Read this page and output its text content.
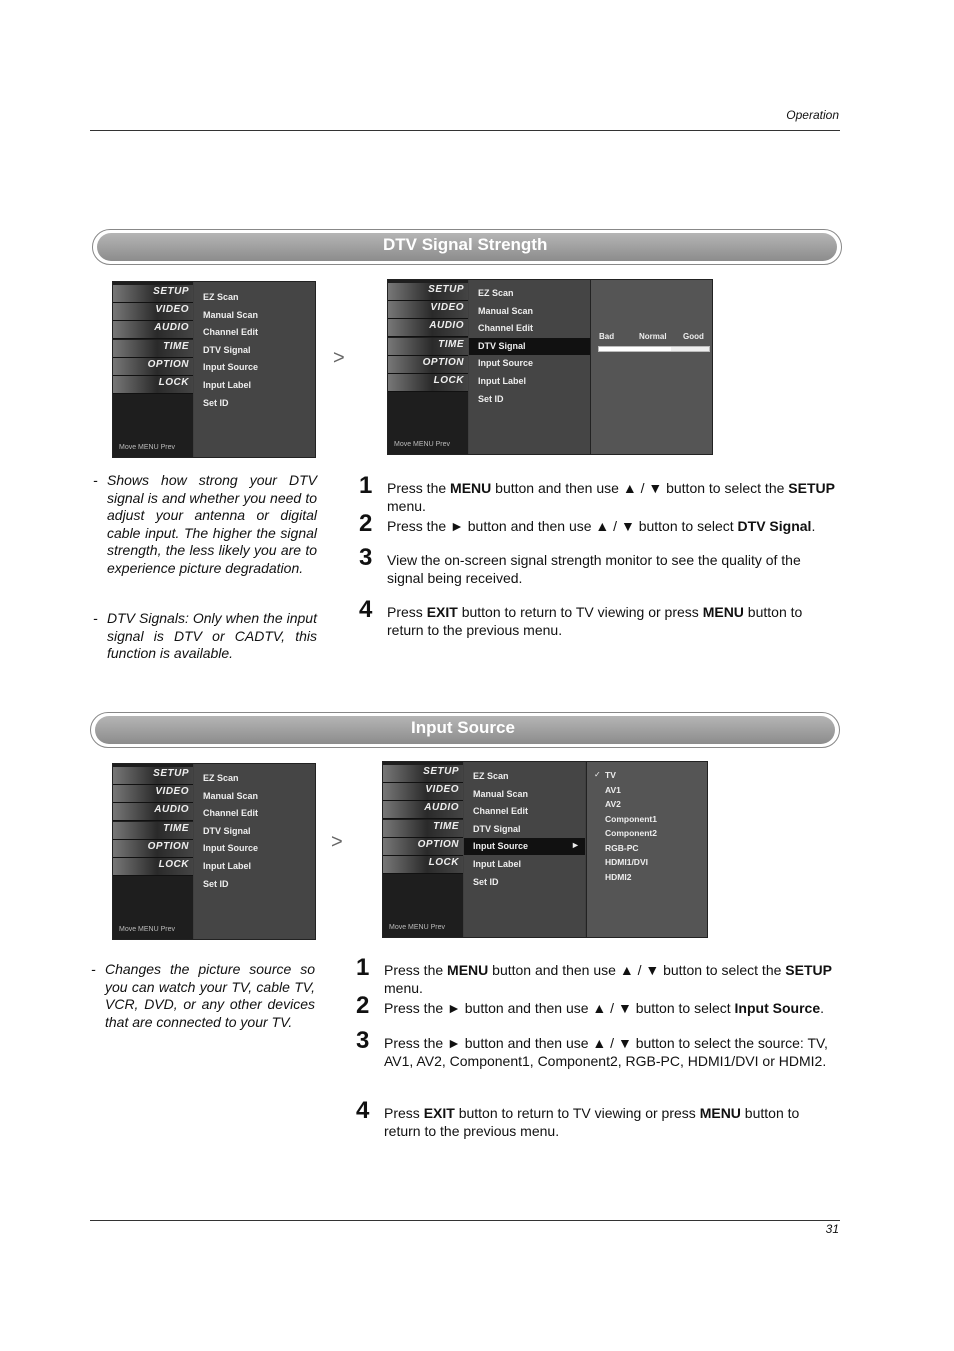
Operation
DTV Signal Strength
SETUP
VIDEO
AUDIO
TIME
OPTION
LOCK
Move MENU Prev
EZ Scan
Manual Scan
Channel Edit
DTV Signal
Input Source
Input Label
Set ID
>
SETUP
VIDEO
AUDIO
TIME
OPTION
LOCK
Move MENU Prev
EZ Scan
Manual Scan
Channel Edit
DTV Signal
Input Source
Input Label
Set ID
Bad	Normal Good
- Shows how strong your DTV signal is and whether you need to adjust your antenna or digital cable input. The higher the signal strength, the less likely you are to experience picture degradation.
- DTV Signals: Only when the input signal is DTV or CADTV, this function is available.
1 Press the MENU button and then use ▲ / ▼ button to select the SETUP menu.
2 Press the ► button and then use ▲ / ▼ button to select DTV Signal.
3 View the on-screen signal strength monitor to see the quality of the signal being received.
4 Press EXIT button to return to TV viewing or press MENU button to return to the previous menu.
Input Source
SETUP
VIDEO
AUDIO
TIME
OPTION
LOCK
Move MENU Prev
EZ Scan
Manual Scan
Channel Edit
DTV Signal
Input Source
Input Label
Set ID
>
SETUP
VIDEO
AUDIO
TIME
OPTION
LOCK
Move MENU Prev
EZ Scan
Manual Scan
Channel Edit
DTV Signal
Input Source
Input Label
Set ID
►
TV
AV1
AV2
Component1
Component2
RGB-PC
HDMI1/DVI
HDMI2
✓
- Changes the picture source so you can watch your TV, cable TV, VCR, DVD, or any other devices that are connected to your TV.
1 Press the MENU button and then use ▲ / ▼ button to select the SETUP menu.
2 Press the ► button and then use ▲ / ▼ button to select Input Source.
3 Press the ► button and then use ▲ / ▼ button to select the source: TV, AV1, AV2, Component1, Component2, RGB-PC, HDMI1/DVI or HDMI2.
4 Press EXIT button to return to TV viewing or press MENU button to return to the previous menu.
31
